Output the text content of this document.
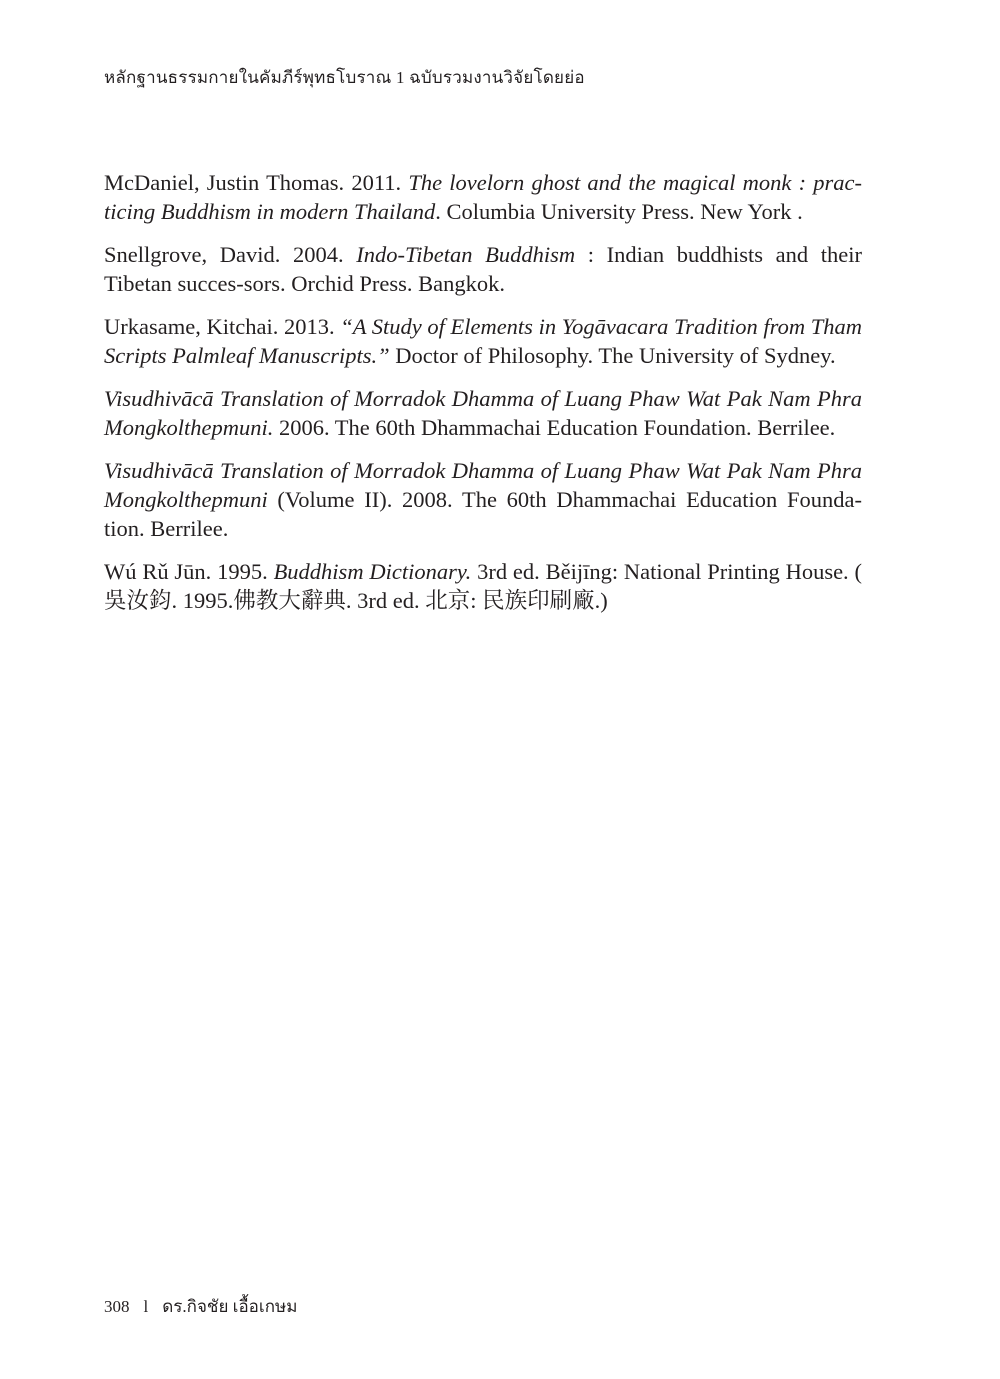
หลักฐานธรรมกายในคัมภีร์พุทธโบราณ 1 ฉบับรวมงานวิจัยโดยย่อ

McDaniel, Justin Thomas. 2011. The lovelorn ghost and the magical monk : prac-ticing Buddhism in modern Thailand. Columbia University Press. New York .

Snellgrove, David. 2004. Indo-Tibetan Buddhism : Indian buddhists and their Tibetan succes-sors. Orchid Press. Bangkok.

Urkasame, Kitchai. 2013. “A Study of Elements in Yogāvacara Tradition from Tham Scripts Palmleaf Manuscripts.” Doctor of Philosophy. The University of Sydney.

Visudhivācā Translation of Morradok Dhamma of Luang Phaw Wat Pak Nam Phra Mongkolthepmuni. 2006. The 60th Dhammachai Education Foundation. Berrilee.

Visudhivācā Translation of Morradok Dhamma of Luang Phaw Wat Pak Nam Phra Mongkolthepmuni (Volume II). 2008. The 60th Dhammachai Education Founda-tion. Berrilee.

Wú Rǔ Jūn. 1995. Buddhism Dictionary. 3rd ed. Běijīng: National Printing House. ( 吳汝鈞. 1995.佛教大辭典. 3rd ed. 北京: 民族印刷廠.)

308 l ดร.กิจชัย เอื้อเกษม
